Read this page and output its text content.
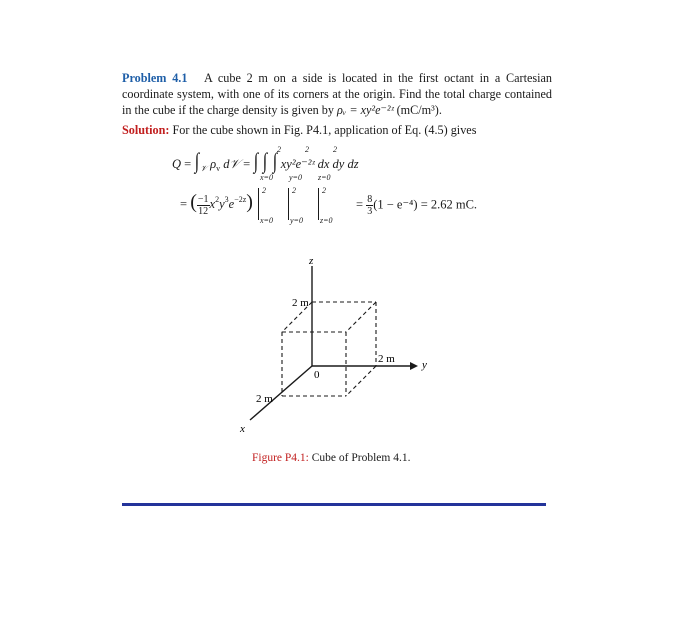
Problem 4.1 A cube 2 m on a side is located in the first octant in a Cartesian coordinate system, with one of its corners at the origin. Find the total charge contained in the cube if the charge density is given by ρᵥ = xy²e⁻²ᶻ (mC/m³).
Solution: For the cube shown in Fig. P4.1, application of Eq. (4.5) gives
$Q = \int_𝒱$ $\rho_v$ d𝒱 = ∫ ∫ ∫ xy²e⁻²ᶻ dx dy dz
2	2	2
x=0 y=0 z=0
= ( $\frac{-1}{12} x^2y^3e^{-2z}$)
2	2	2
x=0 y=0 z=0
= $\frac{8}{3} (1 - e^{-4}) = 2.62$ mC.
z
y
x
0
2 m
2 m
2 m
Figure P4.1: Cube of Problem 4.1.
